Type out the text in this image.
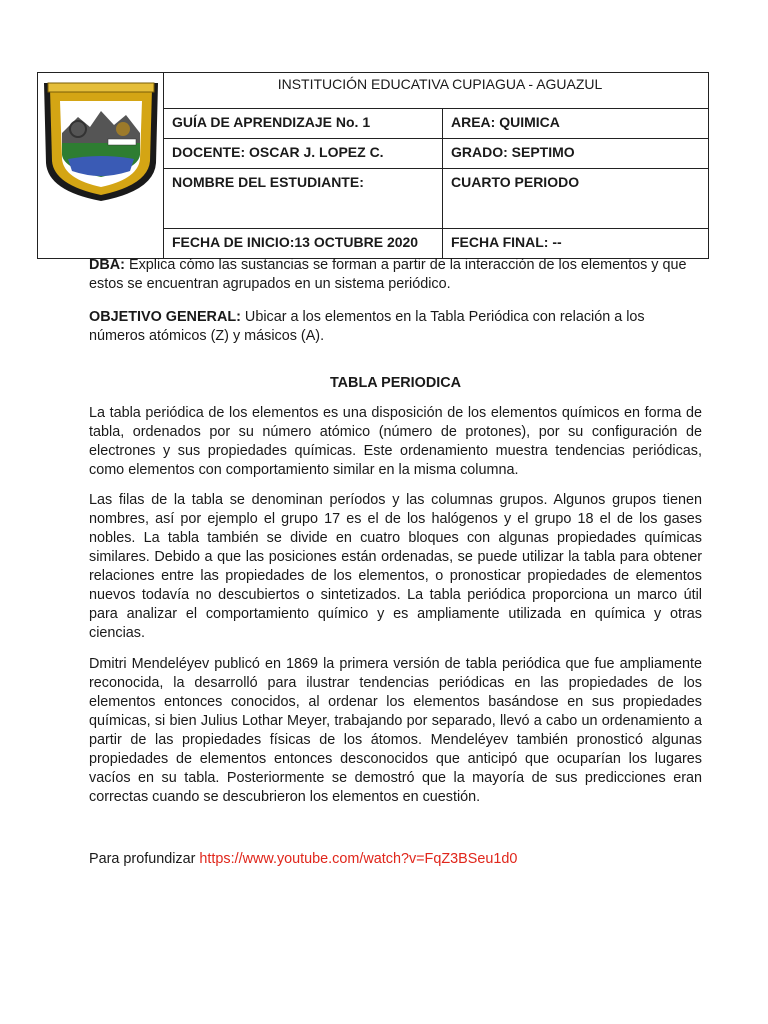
	INSTITUCIÓN EDUCATIVA CUPIAGUA - AGUAZUL	

	GUÍA DE APRENDIZAJE No. 1	AREA: QUIMICA

	DOCENTE: OSCAR J. LOPEZ C.	GRADO: SEPTIMO

	NOMBRE DEL ESTUDIANTE:	CUARTO PERIODO

	FECHA DE INICIO:13 OCTUBRE 2020	FECHA FINAL: --
DBA: Explica cómo las sustancias se forman a partir de la interacción de los elementos y que estos se encuentran agrupados en un sistema periódico.
OBJETIVO GENERAL: Ubicar a los elementos en la Tabla Periódica con relación a los números atómicos (Z) y másicos (A).
TABLA PERIODICA
La tabla periódica de los elementos es una disposición de los elementos químicos en forma de tabla, ordenados por su número atómico (número de protones), por su configuración de electrones y sus propiedades químicas. Este ordenamiento muestra tendencias periódicas, como elementos con comportamiento similar en la misma columna.
Las filas de la tabla se denominan períodos y las columnas grupos. Algunos grupos tienen nombres, así por ejemplo el grupo 17 es el de los halógenos y el grupo 18 el de los gases nobles. La tabla también se divide en cuatro bloques con algunas propiedades químicas similares. Debido a que las posiciones están ordenadas, se puede utilizar la tabla para obtener relaciones entre las propiedades de los elementos, o pronosticar propiedades de elementos nuevos todavía no descubiertos o sintetizados. La tabla periódica proporciona un marco útil para analizar el comportamiento químico y es ampliamente utilizada en química y otras ciencias.
Dmitri Mendeléyev publicó en 1869 la primera versión de tabla periódica que fue ampliamente reconocida, la desarrolló para ilustrar tendencias periódicas en las propiedades de los elementos entonces conocidos, al ordenar los elementos basándose en sus propiedades químicas, si bien Julius Lothar Meyer, trabajando por separado, llevó a cabo un ordenamiento a partir de las propiedades físicas de los átomos. Mendeléyev también pronosticó algunas propiedades de elementos entonces desconocidos que anticipó que ocuparían los lugares vacíos en su tabla. Posteriormente se demostró que la mayoría de sus predicciones eran correctas cuando se descubrieron los elementos en cuestión.
Para profundizar https://www.youtube.com/watch?v=FqZ3BSeu1d0
